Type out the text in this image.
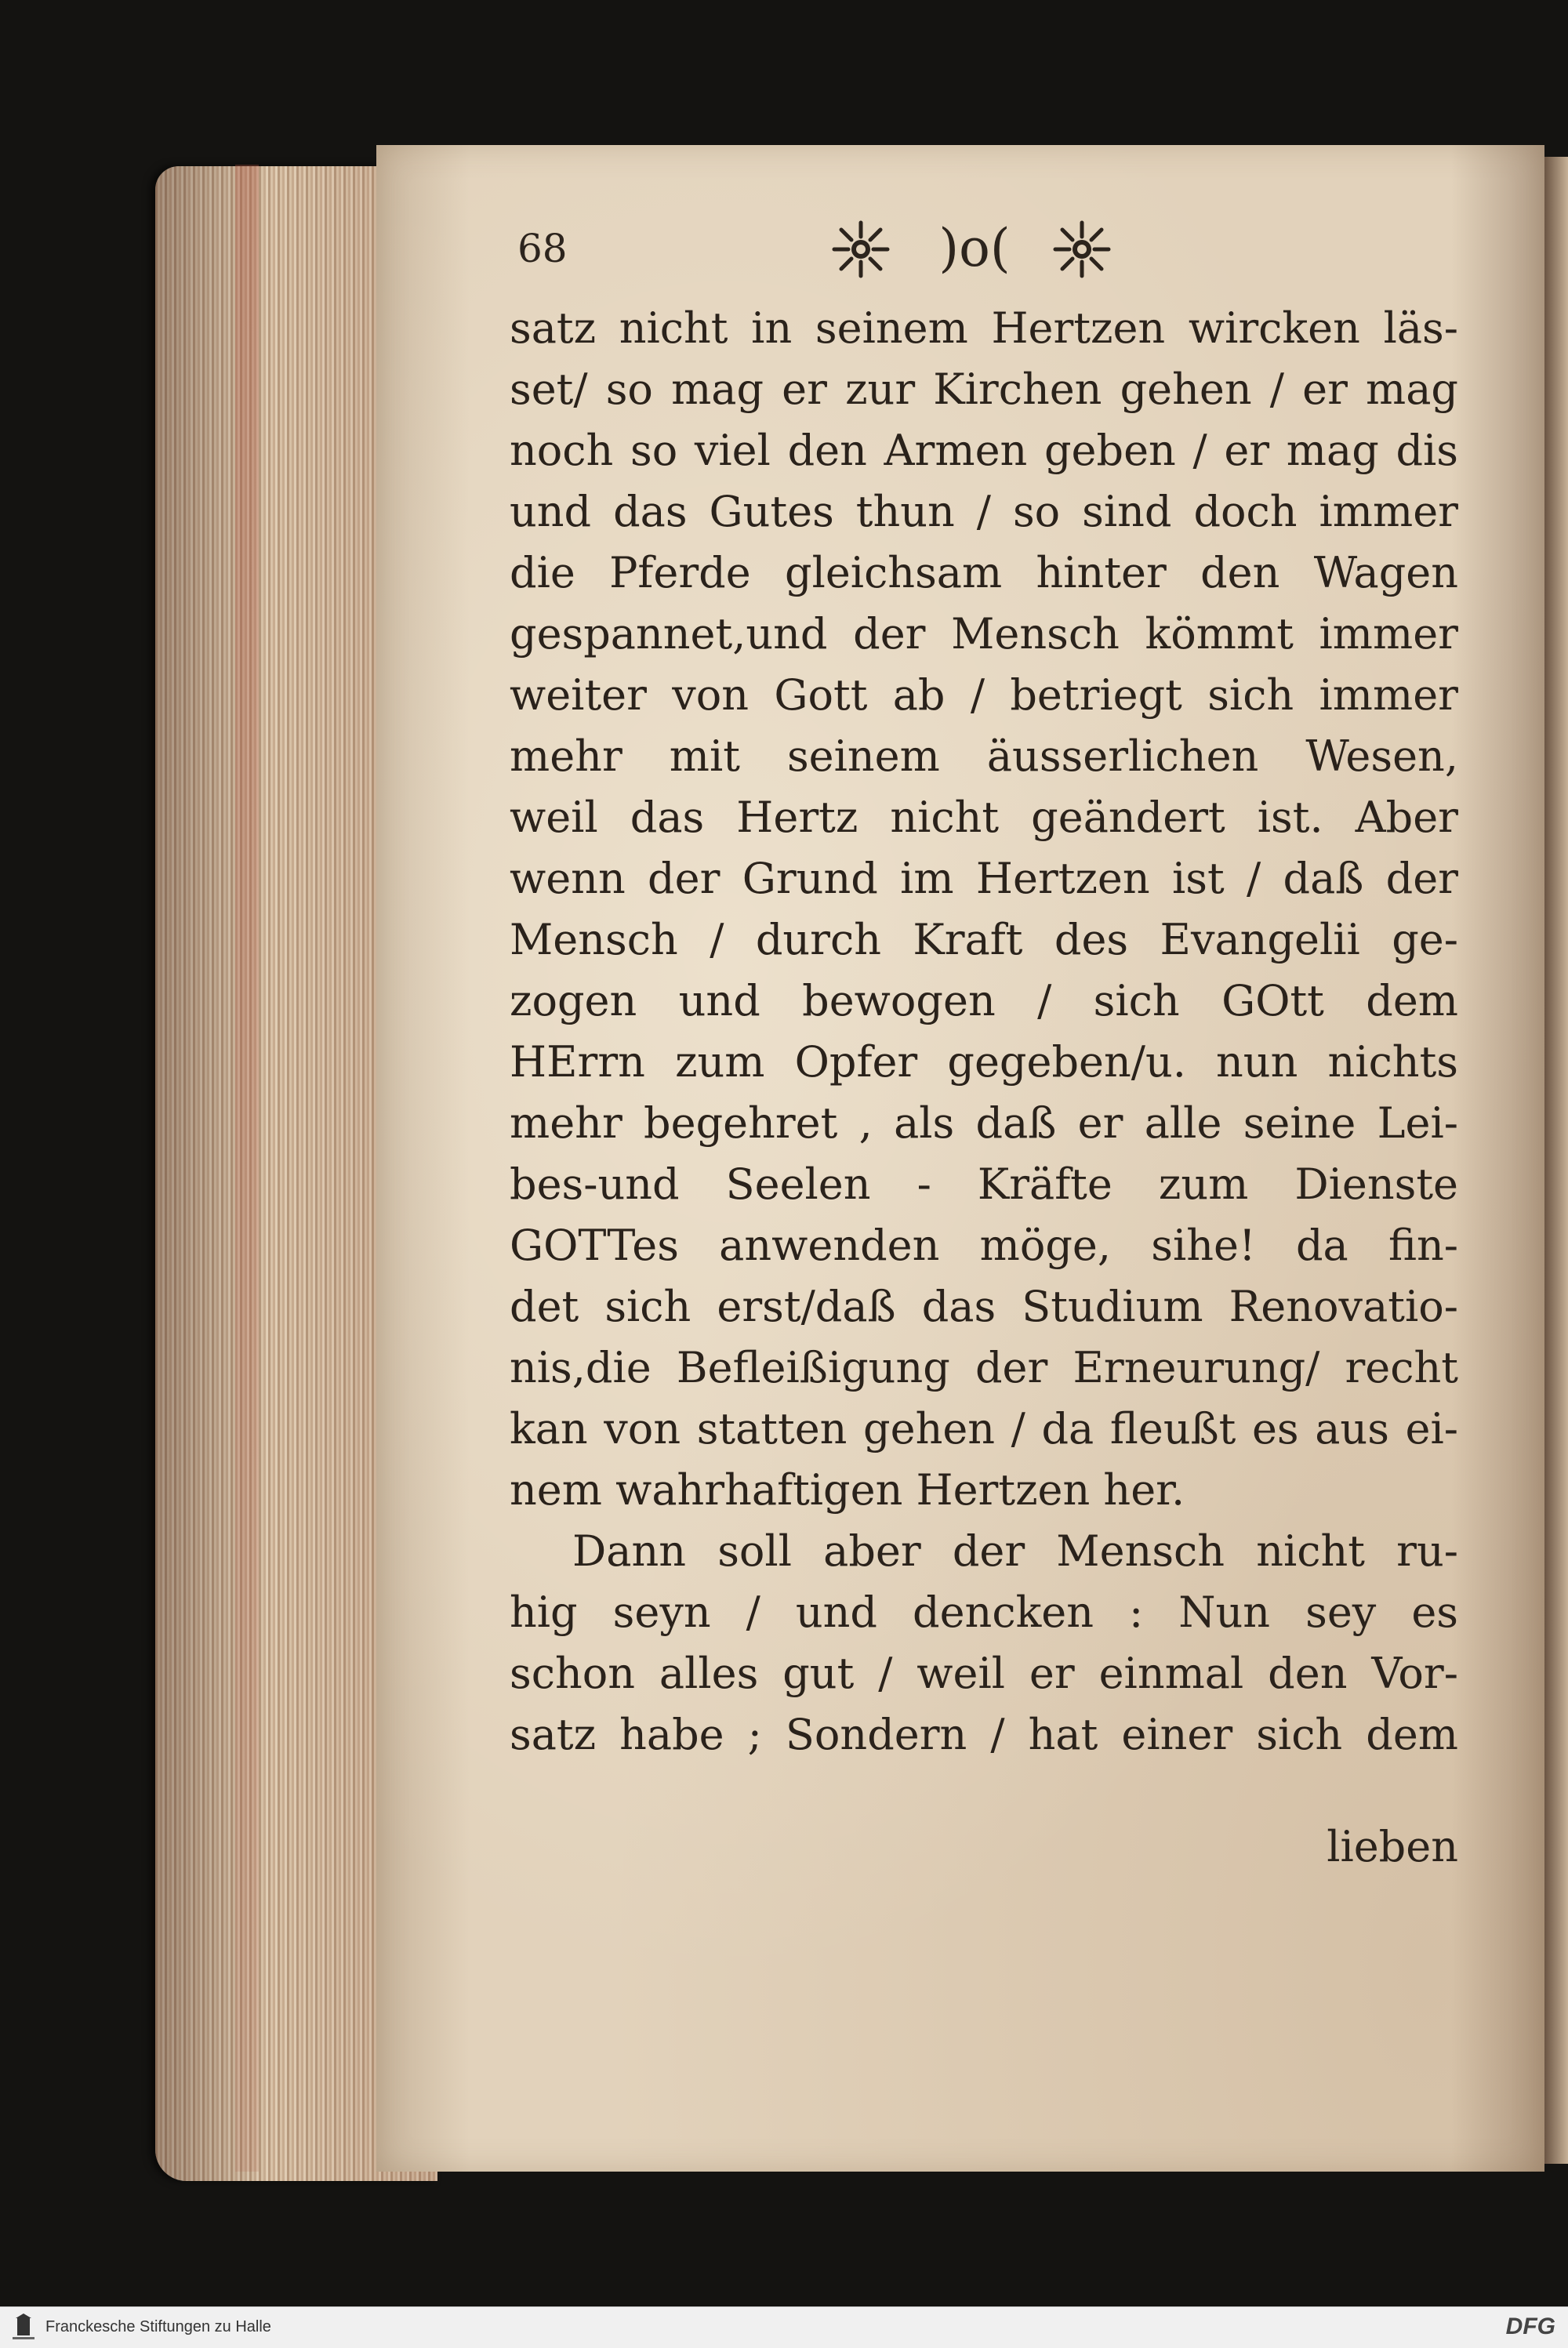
68	)o(
satz nicht in seinem Hertzen wircken läs-
set/ so mag er zur Kirchen gehen / er mag
noch so viel den Armen geben / er mag dis
und das Gutes thun / so sind doch immer
die Pferde gleichsam hinter den Wagen
gespannet,und der Mensch kömmt immer
weiter von Gott ab / betriegt sich immer
mehr mit seinem äusserlichen Wesen,
weil das Hertz nicht geändert ist. Aber
wenn der Grund im Hertzen ist / daß der
Mensch / durch Kraft des Evangelii ge-
zogen und bewogen / sich GOtt dem
HErrn zum Opfer gegeben/u. nun nichts
mehr begehret , als daß er alle seine Lei-
bes-und Seelen - Kräfte zum Dienste
GOTTes anwenden möge, sihe! da fin-
det sich erst/daß das Studium Renovatio-
nis,die Befleißigung der Erneurung/ recht
kan von statten gehen / da fleußt es aus ei-
nem wahrhaftigen Hertzen her.
Dann soll aber der Mensch nicht ru-
hig seyn / und dencken : Nun sey es
schon alles gut / weil er einmal den Vor-
satz habe ; Sondern / hat einer sich dem
lieben
Franckesche Stiftungen zu Halle	DFG
